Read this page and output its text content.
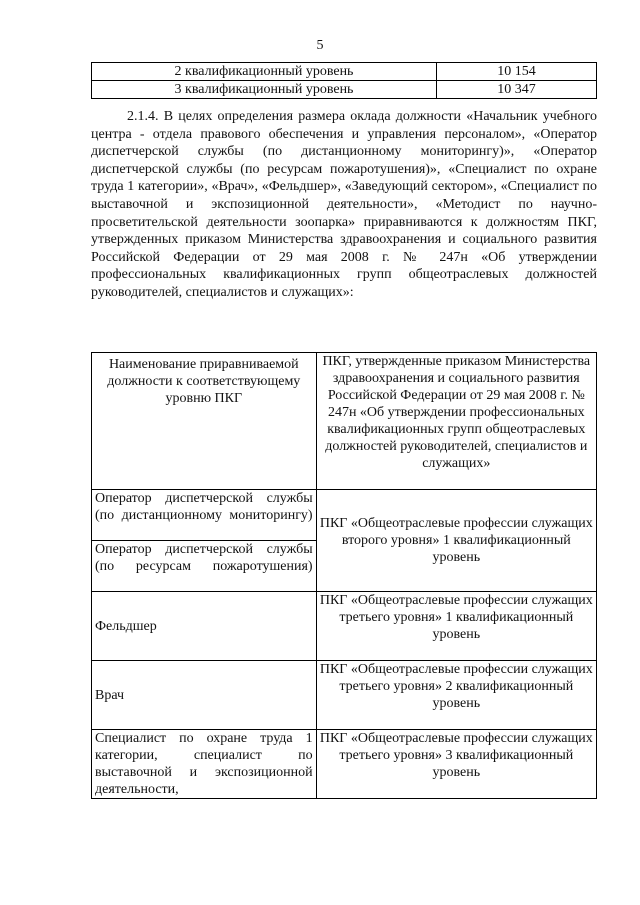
5
2 квалификационный уровень	10 154
3 квалификационный уровень	10 347

2.1.4. В целях определения размера оклада должности «Начальник учебного центра - отдела правового обеспечения и управления персоналом», «Оператор диспетчерской службы (по дистанционному мониторингу)», «Оператор диспетчерской службы (по ресурсам пожаротушения)», «Специалист по охране труда 1 категории», «Врач», «Фельдшер», «Заведующий сектором», «Специалист по выставочной и экспозиционной деятельности», «Методист по научно-просветительской деятельности зоопарка» приравниваются к должностям ПКГ, утвержденных приказом Министерства здравоохранения и социального развития Российской Федерации от 29 мая 2008 г. № 247н «Об утверждении профессиональных квалификационных групп общеотраслевых должностей руководителей, специалистов и служащих»:

Наименование приравниваемой должности к соответствующему уровню ПКГ	ПКГ, утвержденные приказом Министерства здравоохранения и социального развития Российской Федерации от 29 мая 2008 г. № 247н «Об утверждении профессиональных квалификационных групп общеотраслевых должностей руководителей, специалистов и служащих»
Оператор диспетчерской службы (по дистанционному мониторингу)	ПКГ «Общеотраслевые профессии служащих второго уровня» 1 квалификационный уровень
Оператор диспетчерской службы (по ресурсам пожаротушения)	
Фельдшер	ПКГ «Общеотраслевые профессии служащих третьего уровня» 1 квалификационный уровень
Врач	ПКГ «Общеотраслевые профессии служащих третьего уровня» 2 квалификационный уровень
Специалист по охране труда 1 категории, специалист по выставочной и экспозиционной деятельности,	ПКГ «Общеотраслевые профессии служащих третьего уровня» 3 квалификационный уровень
